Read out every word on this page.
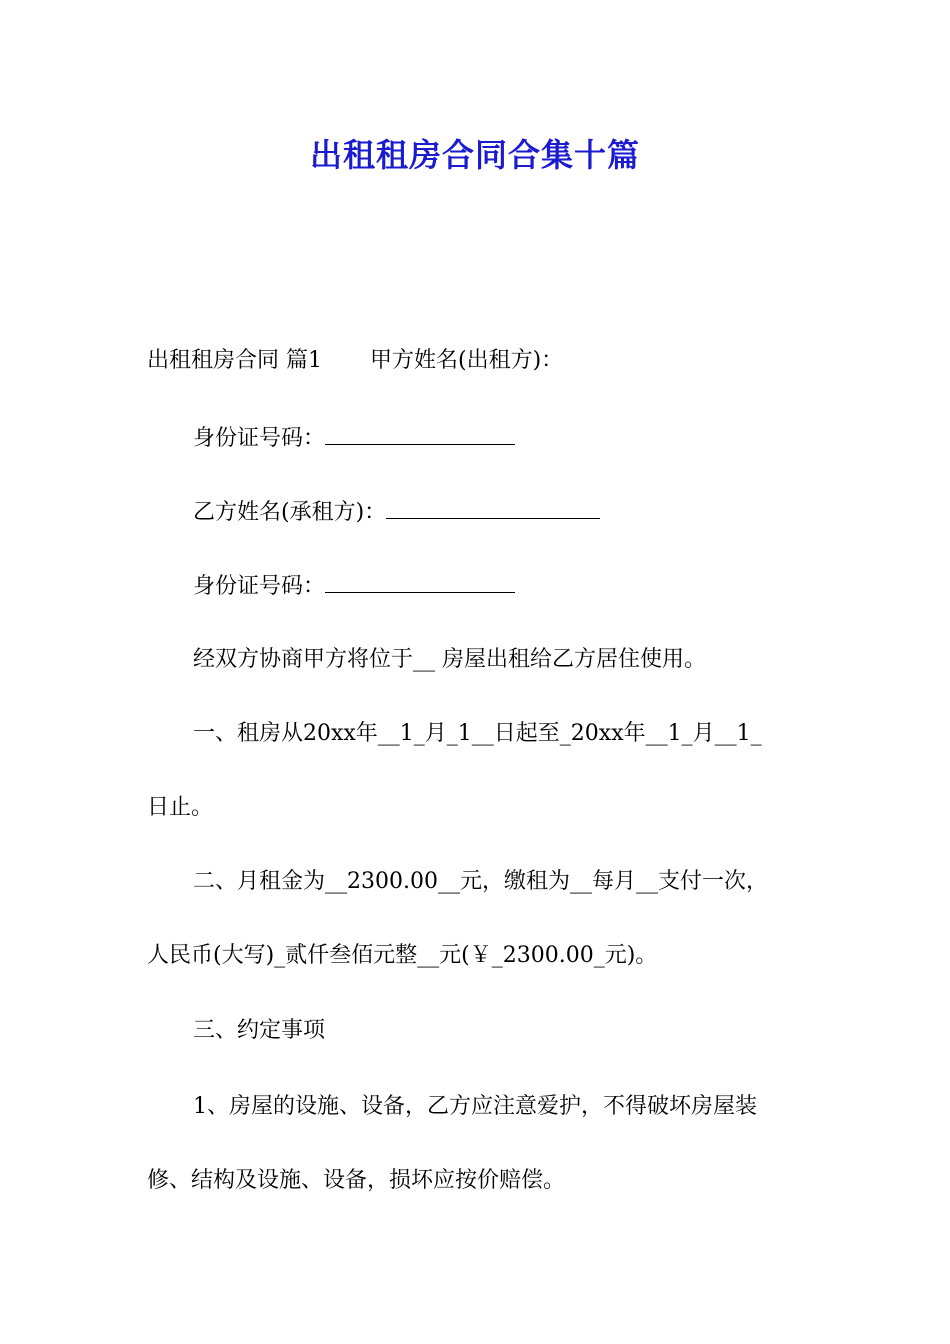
出租租房合同合集十篇
出租租房合同 篇1 甲方姓名(出租方)：
身份证号码：
乙方姓名(承租方)：
身份证号码：
经双方协商甲方将位于__ 房屋出租给乙方居住使用。
一、租房从20xx年__1_月_1__日起至_20xx年__1_月__1_
日止。
二、月租金为__2300.00__元，缴租为__每月__支付一次，
人民币(大写)_贰仟叁佰元整__元(￥_2300.00_元)。
三、约定事项
1、房屋的设施、设备，乙方应注意爱护，不得破坏房屋装
修、结构及设施、设备，损坏应按价赔偿。
